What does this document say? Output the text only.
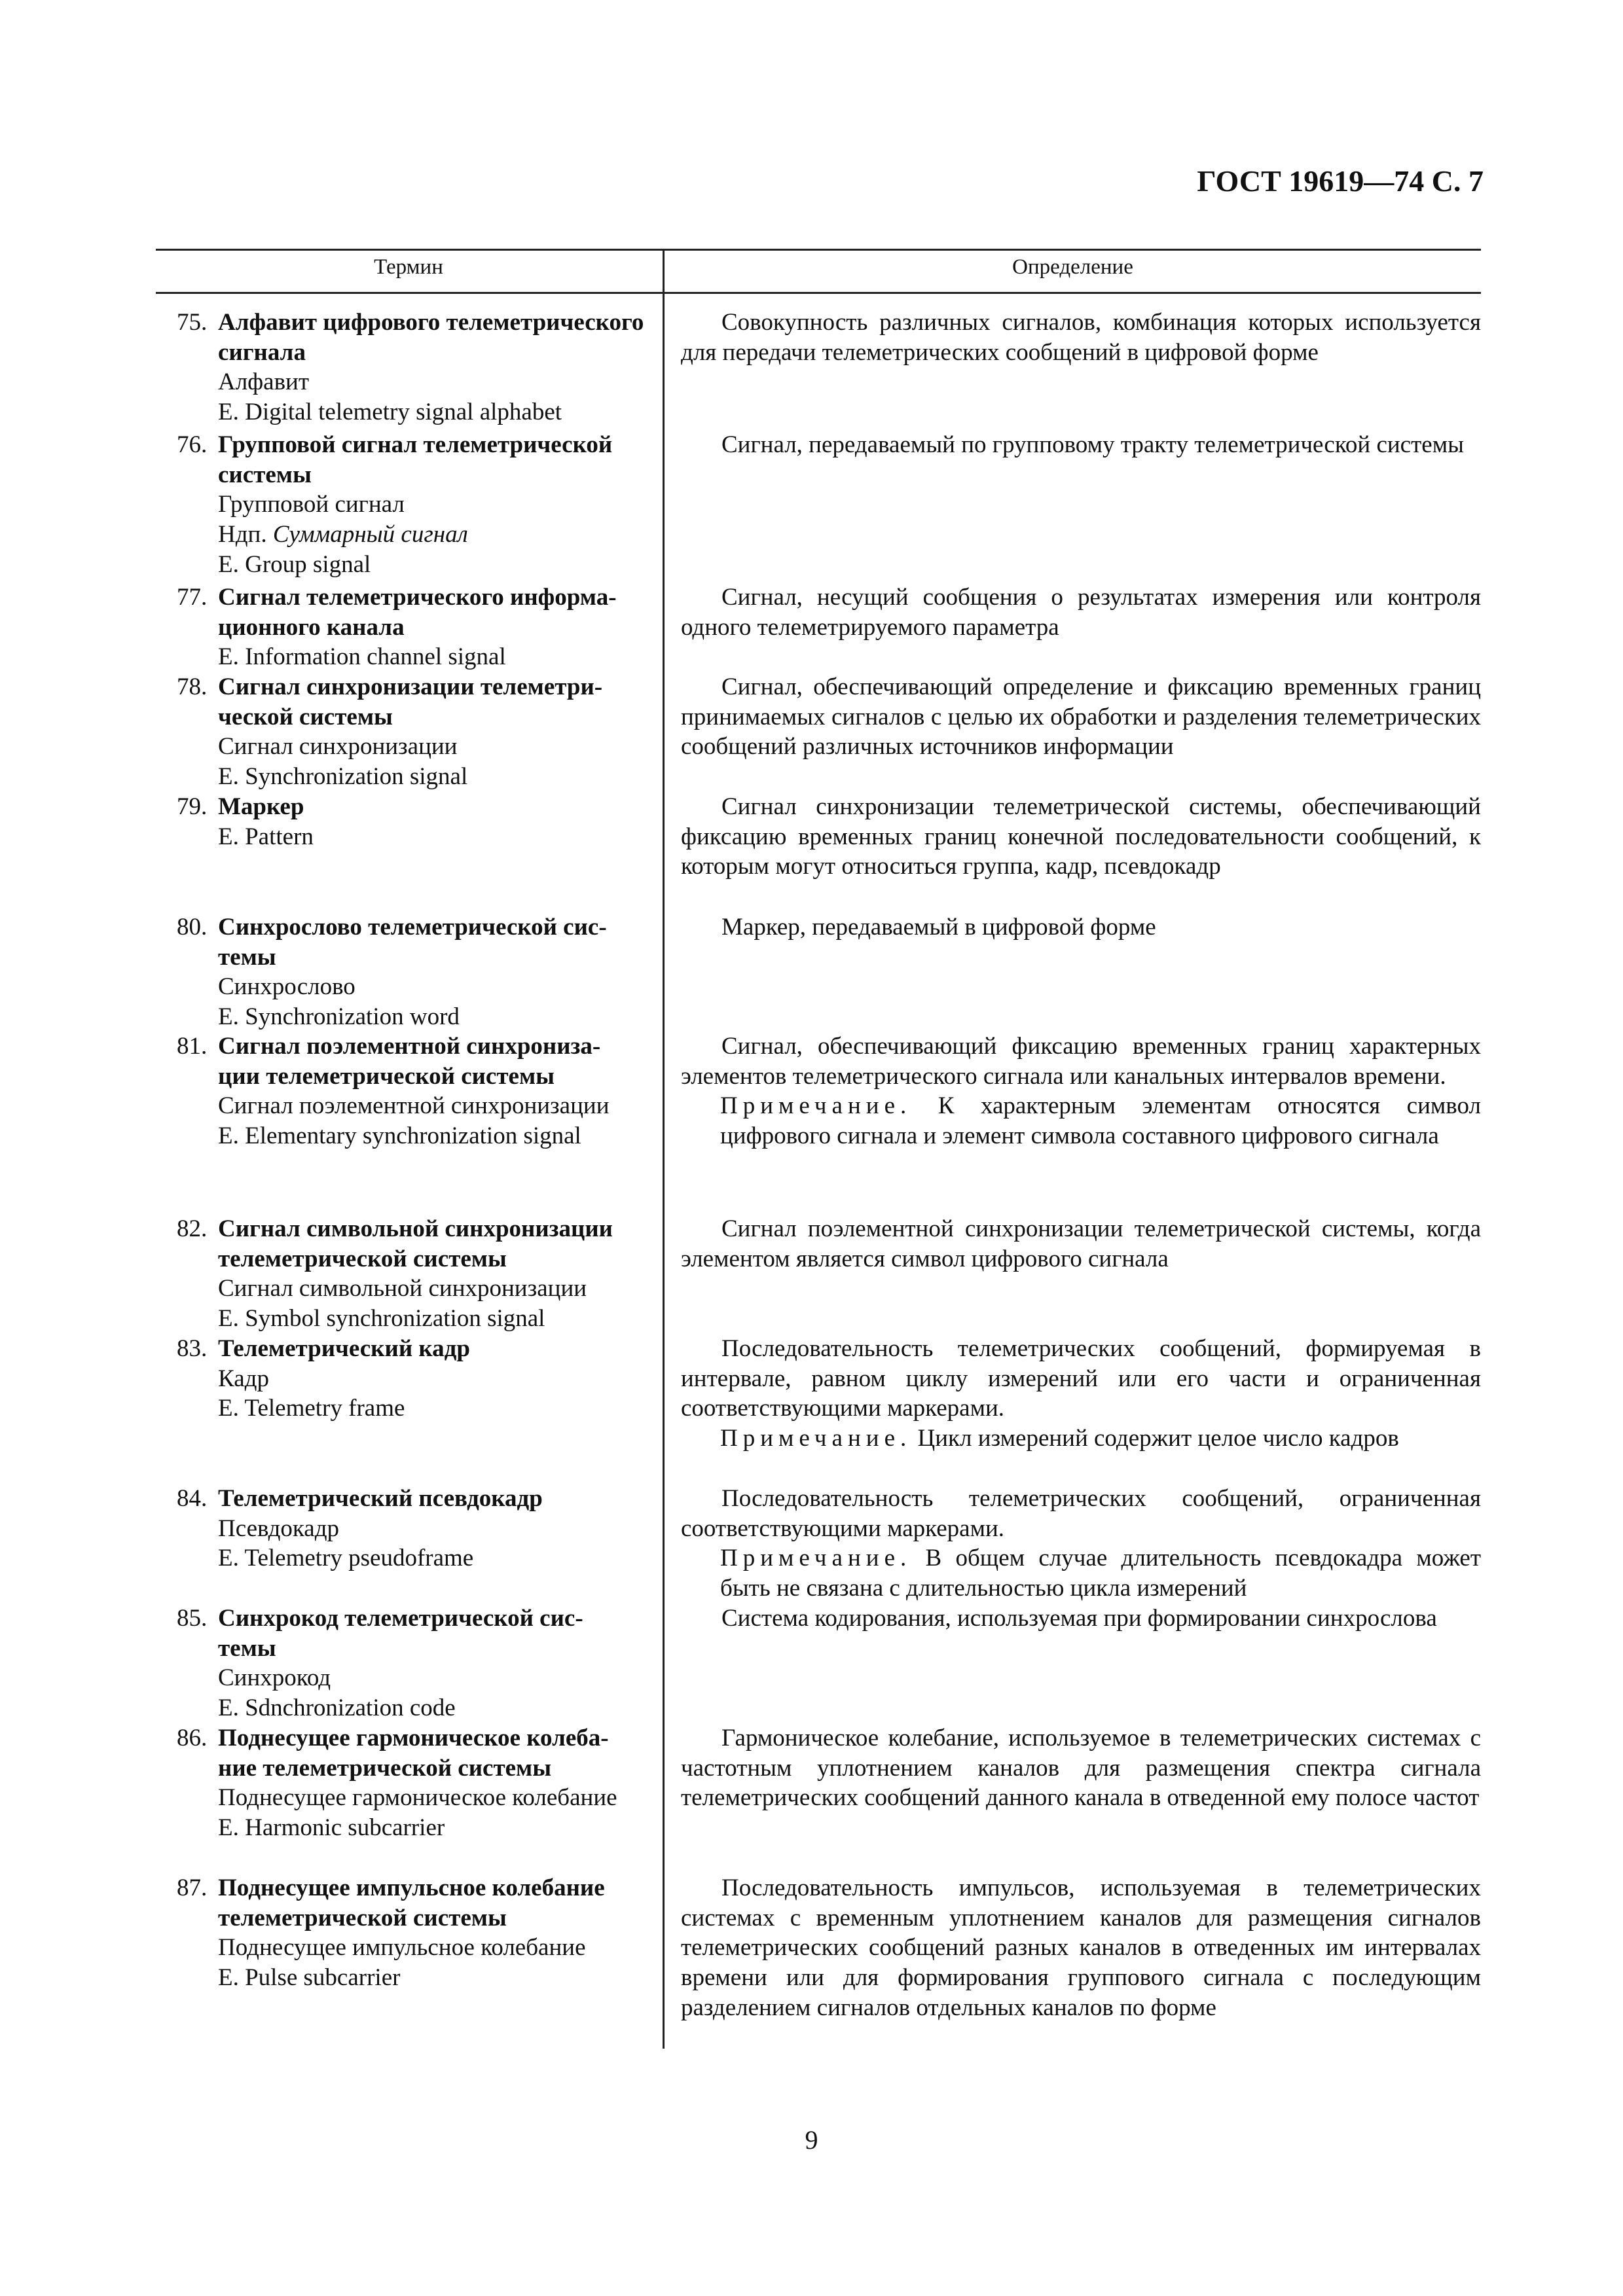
ГОСТ 19619—74 С. 7
Термин	Определение
75. Алфавит цифрового телеметрического
сигнала
Алфавит
E. Digital telemetry signal alphabet

Совокупность различных сигналов, комбинация которых используется для передачи телеметрических сообщений в цифровой форме

76. Групповой сигнал телеметрической
системы
Групповой сигнал
Ндп. Суммарный сигнал
E. Group signal

Сигнал, передаваемый по групповому тракту телеметрической системы

77. Сигнал телеметрического информа-
ционного канала
E. Information channel signal

Сигнал, несущий сообщения о результатах измерения или контроля одного телеметрируемого параметра

78. Сигнал синхронизации телеметри-
ческой системы
Сигнал синхронизации
E. Synchronization signal

Сигнал, обеспечивающий определение и фиксацию временных границ принимаемых сигналов с целью их обработки и разделения телеметрических сообщений различных источников информации

79. Маркер
E. Pattern

Сигнал синхронизации телеметрической системы, обеспечивающий фиксацию временных границ конечной последовательности сообщений, к которым могут относиться группа, кадр, псевдокадр

80. Синхрослово телеметрической сис-
темы
Синхрослово
E. Synchronization word

Маркер, передаваемый в цифровой форме

81. Сигнал поэлементной синхрониза-
ции телеметрической системы
Сигнал поэлементной синхронизации
E. Elementary synchronization signal

Сигнал, обеспечивающий фиксацию временных границ характерных элементов телеметрического сигнала или канальных интервалов времени.

Примечание. К характерным элементам относятся символ цифрового сигнала и элемент символа составного цифрового сигнала

82. Сигнал символьной синхронизации
телеметрической системы
Сигнал символьной синхронизации
E. Symbol synchronization signal

Сигнал поэлементной синхронизации телеметрической системы, когда элементом является символ цифрового сигнала

83. Телеметрический кадр
Кадр
E. Telemetry frame

Последовательность телеметрических сообщений, формируемая в интервале, равном циклу измерений или его части и ограниченная соответствующими маркерами.

Примечание. Цикл измерений содержит целое число кадров

84. Телеметрический псевдокадр
Псевдокадр
E. Telemetry pseudoframe

Последовательность телеметрических сообщений, ограниченная соответствующими маркерами.

Примечание. В общем случае длительность псевдокадра может быть не связана с длительностью цикла измерений

85. Синхрокод телеметрической сис-
темы
Синхрокод
E. Sdnchronization code

Система кодирования, используемая при формировании синхрослова

86. Поднесущее гармоническое колеба-
ние телеметрической системы
Поднесущее гармоническое колебание
E. Harmonic subcarrier

Гармоническое колебание, используемое в телеметрических системах с частотным уплотнением каналов для размещения спектра сигнала телеметрических сообщений данного канала в отведенной ему полосе частот

87. Поднесущее импульсное колебание
телеметрической системы
Поднесущее импульсное колебание
E. Pulse subcarrier

Последовательность импульсов, используемая в телеметрических системах с временным уплотнением каналов для размещения сигналов телеметрических сообщений разных каналов в отведенных им интервалах времени или для формирования группового сигнала с последующим разделением сигналов отдельных каналов по форме

9
